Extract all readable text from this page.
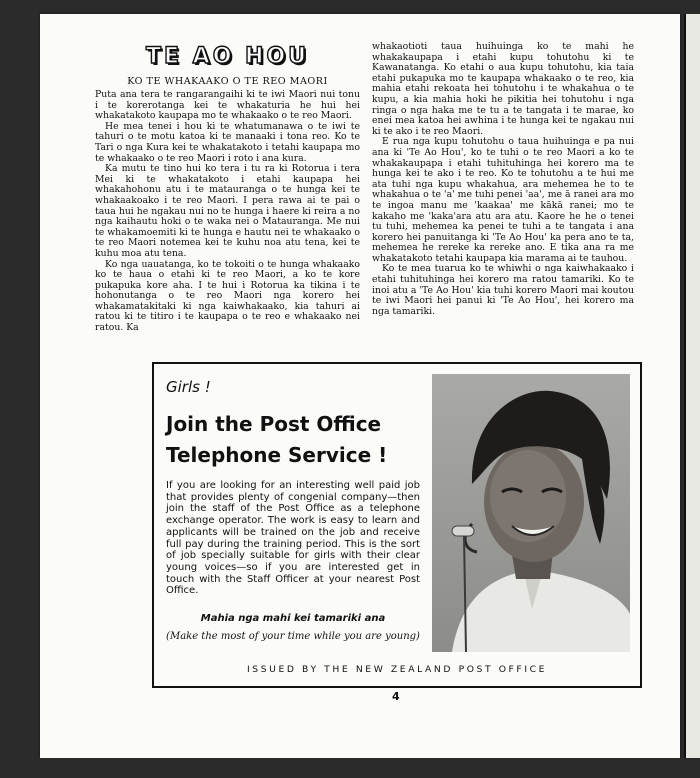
TE AO HOU
KO TE WHAKAAKO O TE REO MAORI

Puta ana tera te rangarangaihi ki te iwi Maori nui tonu i te korerotanga kei te whakaturia he hui hei whakatakoto kaupapa mo te whakaako o te reo Maori.

He mea tenei i hou ki te whatumanawa o te iwi te tahuri o te motu katoa ki te manaaki i tona reo. Ko te Tari o nga Kura kei te whakatakoto i tetahi kaupapa mo te whakaako o te reo Maori i roto i ana kura.

Ka mutu te tino hui ko tera i tu ra ki Rotorua i tera Mei ki te whakatakoto i etahi kaupapa hei whakahohonu atu i te matauranga o te hunga kei te whakaakoako i te reo Maori. I pera rawa ai te pai o taua hui he ngakau nui no te hunga i haere ki reira a no nga kaihautu hoki o te waka nei o Matauranga. Me nui te whakamoemiti ki te hunga e hautu nei te whakaako o te reo Maori notemea kei te kuhu noa atu tena, kei te kuhu moa atu tena.

Ko nga uauatanga, ko te tokoiti o te hunga whakaako ko te haua o etahi ki te reo Maori, a ko te kore pukapuka kore aha. I te hui i Rotorua ka tikina i te hohonutanga o te reo Maori nga korero hei whakamatakitaki ki nga kaiwhakaako, kia tahuri ai ratou ki te titiro i te kaupapa o te reo e whakaako nei ratou. Ka

whakaotioti taua huihuinga ko te mahi he whakakaupapa i etahi kupu tohutohu ki te Kawanatanga. Ko etahi o aua kupu tohutohu, kia taia etahi pukapuka mo te kaupapa whakaako o te reo, kia mahia etahi rekoata hei tohutohu i te whakahua o te kupu, a kia mahia hoki he pikitia hei tohutohu i nga ringa o nga haka me te tu a te tangata i te marae, ko enei mea katoa hei awhina i te hunga kei te ngakau nui ki te ako i te reo Maori.

E rua nga kupu tohutohu o taua huihuinga e pa nui ana ki 'Te Ao Hou', ko te tuhi o te reo Maori a ko te whakakaupapa i etahi tuhituhinga hei korero ma te hunga kei te ako i te reo. Ko te tohutohu a te hui me ata tuhi nga kupu whakahua, ara mehemea he to te whakahua o te 'a' me tuhi penei 'aa', me ā ranei ara mo te ingoa manu me 'kaakaa' me kākā ranei; mo te kakaho me 'kaka'ara atu ara atu. Kaore he he o tenei tu tuhi, mehemea ka penei te tuhi a te tangata i ana korero hei panuitanga ki 'Te Ao Hou' ka pera ano te ta, mehemea he rereke ka rereke ano. E tika ana ra me whakatakoto tetahi kaupapa kia marama ai te tauhou.

Ko te mea tuarua ko te whiwhi o nga kaiwhakaako i etahi tuhituhinga hei korero ma ratou tamariki. Ko te inoi atu a 'Te Ao Hou' kia tuhi korero Maori mai koutou te iwi Maori hei panui ki 'Te Ao Hou', hei korero ma nga tamariki.

Girls !
Join the Post Office
Telephone Service !
If you are looking for an interesting well paid job that provides plenty of congenial company—then join the staff of the Post Office as a telephone exchange operator. The work is easy to learn and applicants will be trained on the job and receive full pay during the training period. This is the sort of job specially suitable for girls with their clear young voices—so if you are interested get in touch with the Staff Officer at your nearest Post Office.
Mahia nga mahi kei tamariki ana
(Make the most of your time while you are young)
ISSUED BY THE NEW ZEALAND POST OFFICE
4
